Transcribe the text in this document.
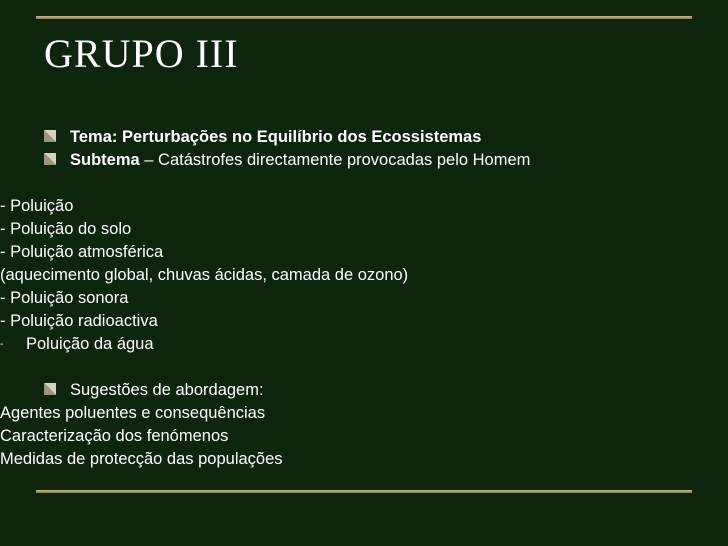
GRUPO III
Tema: Perturbações no Equilíbrio dos Ecossistemas
Subtema – Catástrofes directamente provocadas pelo Homem
- Poluição
- Poluição do solo
- Poluição atmosférica
(aquecimento global, chuvas ácidas, camada de ozono)
- Poluição sonora
- Poluição radioactiva
- Poluição da água
Sugestões de abordagem:
Agentes poluentes e consequências
Caracterização dos fenómenos
Medidas de protecção das populações
